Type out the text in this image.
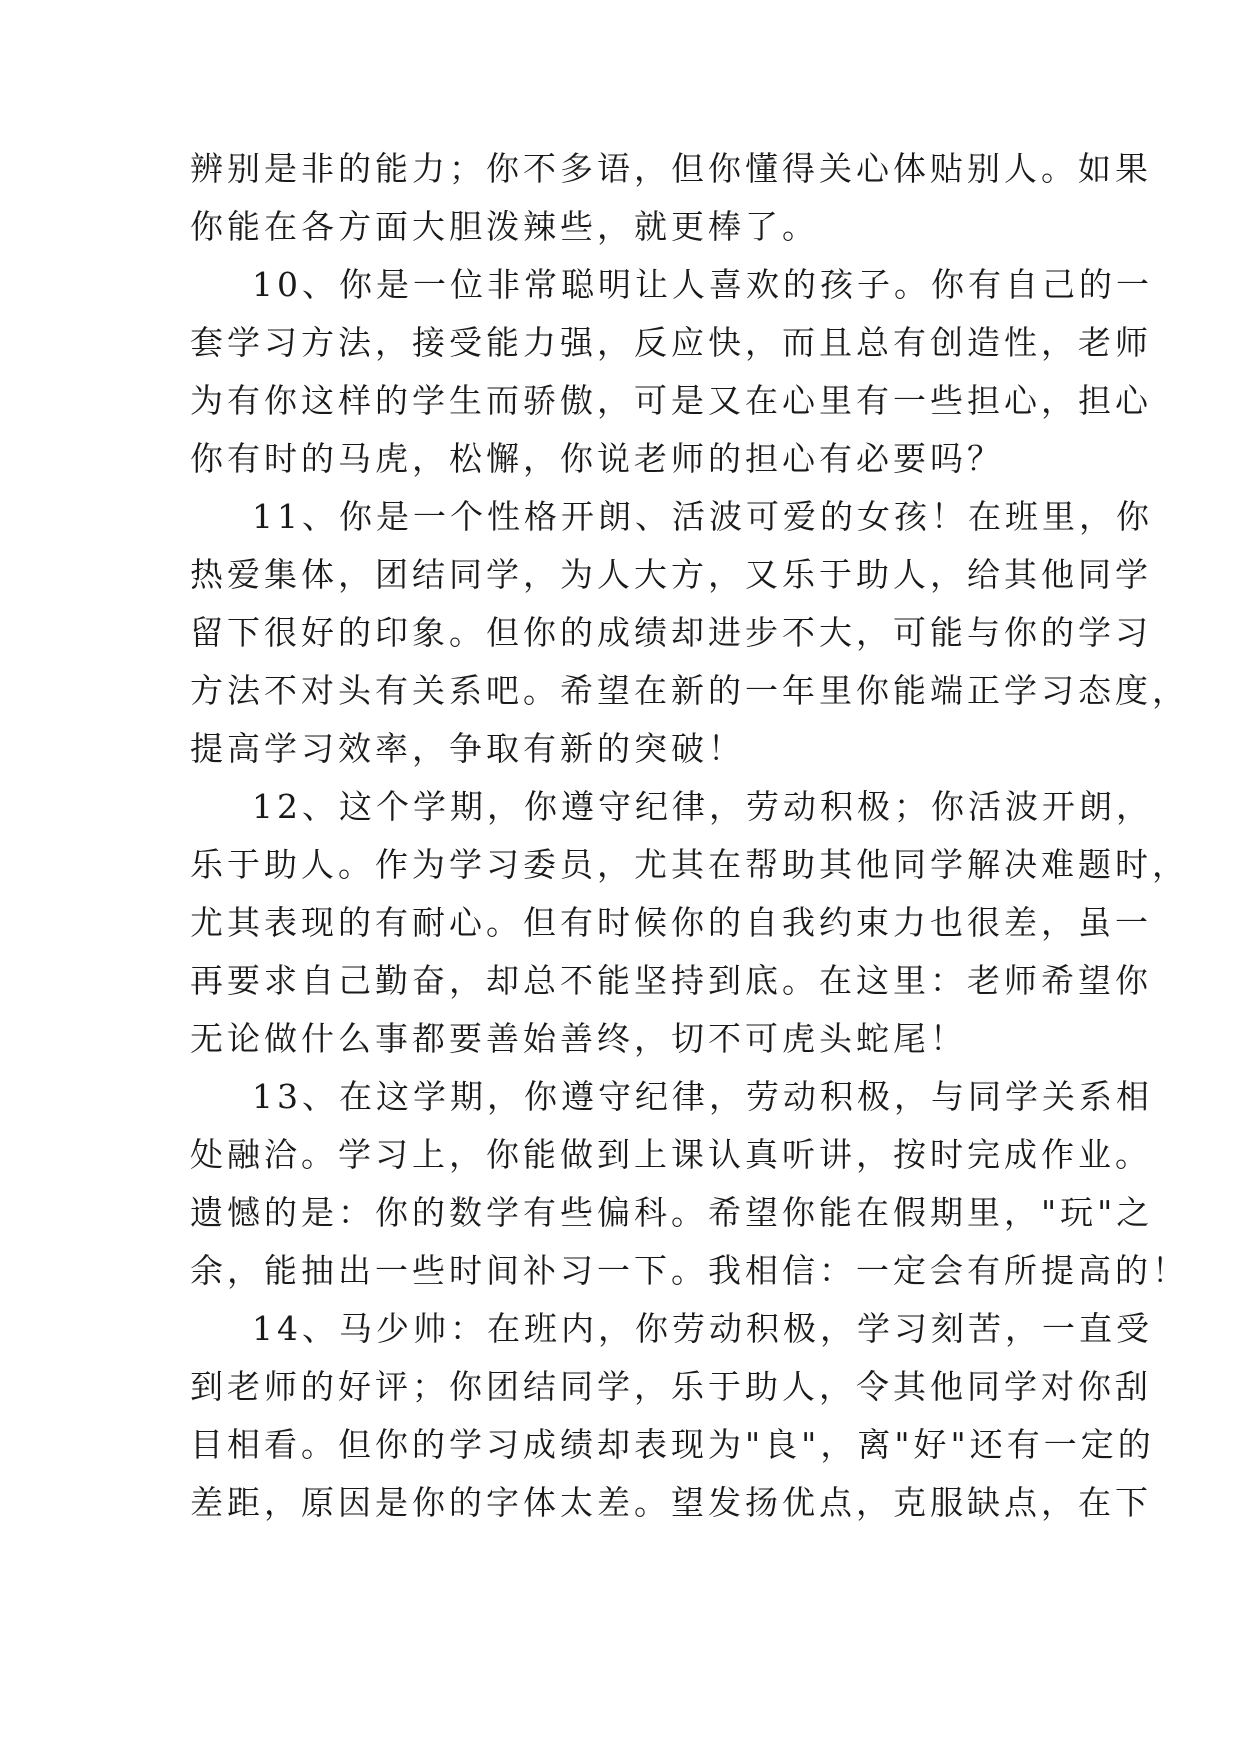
辨别是非的能力；你不多语，但你懂得关心体贴别人。如果
你能在各方面大胆泼辣些，就更棒了。
10、你是一位非常聪明让人喜欢的孩子。你有自己的一
套学习方法，接受能力强，反应快，而且总有创造性，老师
为有你这样的学生而骄傲，可是又在心里有一些担心，担心
你有时的马虎，松懈，你说老师的担心有必要吗？
11、你是一个性格开朗、活波可爱的女孩！在班里，你
热爱集体，团结同学，为人大方，又乐于助人，给其他同学
留下很好的印象。但你的成绩却进步不大，可能与你的学习
方法不对头有关系吧。希望在新的一年里你能端正学习态度，
提高学习效率，争取有新的突破！
12、这个学期，你遵守纪律，劳动积极；你活波开朗，
乐于助人。作为学习委员，尤其在帮助其他同学解决难题时，
尤其表现的有耐心。但有时候你的自我约束力也很差，虽一
再要求自己勤奋，却总不能坚持到底。在这里：老师希望你
无论做什么事都要善始善终，切不可虎头蛇尾！
13、在这学期，你遵守纪律，劳动积极，与同学关系相
处融洽。学习上，你能做到上课认真听讲，按时完成作业。
遗憾的是：你的数学有些偏科。希望你能在假期里，"玩"之
余，能抽出一些时间补习一下。我相信：一定会有所提高的！
14、马少帅：在班内，你劳动积极，学习刻苦，一直受
到老师的好评；你团结同学，乐于助人，令其他同学对你刮
目相看。但你的学习成绩却表现为"良"，离"好"还有一定的
差距，原因是你的字体太差。望发扬优点，克服缺点，在下
